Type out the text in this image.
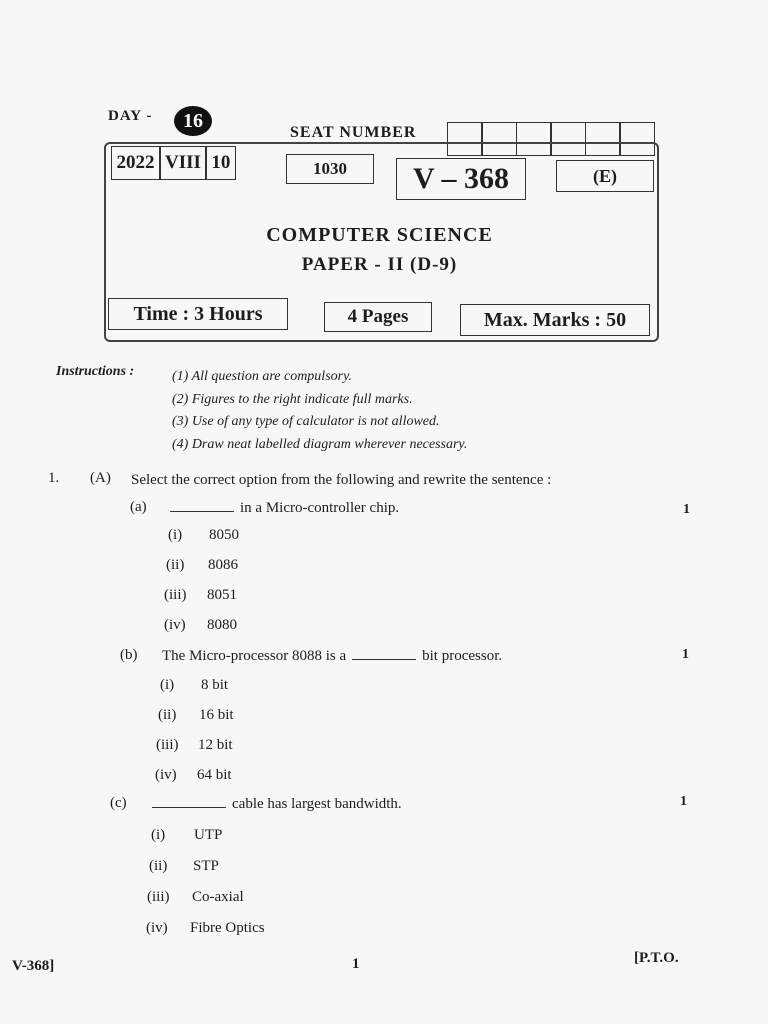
DAY -	16
SEAT NUMBER
2022 VIII 10	1030	V – 368	(E)
COMPUTER SCIENCE
PAPER - II (D-9)
Time : 3 Hours	4 Pages	Max. Marks : 50
Instructions :	(1) All question are compulsory.
(2) Figures to the right indicate full marks.
(3) Use of any type of calculator is not allowed.
(4) Draw neat labelled diagram wherever necessary.
1. (A) Select the correct option from the following and rewrite the sentence :
(a)	in a Micro-controller chip.	1
(i) 8050
(ii) 8086
(iii) 8051
(iv) 8080
(b) The Micro-processor 8088 is a	bit processor.	1
(i) 8 bit
(ii) 16 bit
(iii) 12 bit
(iv) 64 bit
(c)	cable has largest bandwidth.	1
(i) UTP
(ii) STP
(iii) Co-axial
(iv) Fibre Optics
V-368]	1	[P.T.O.
